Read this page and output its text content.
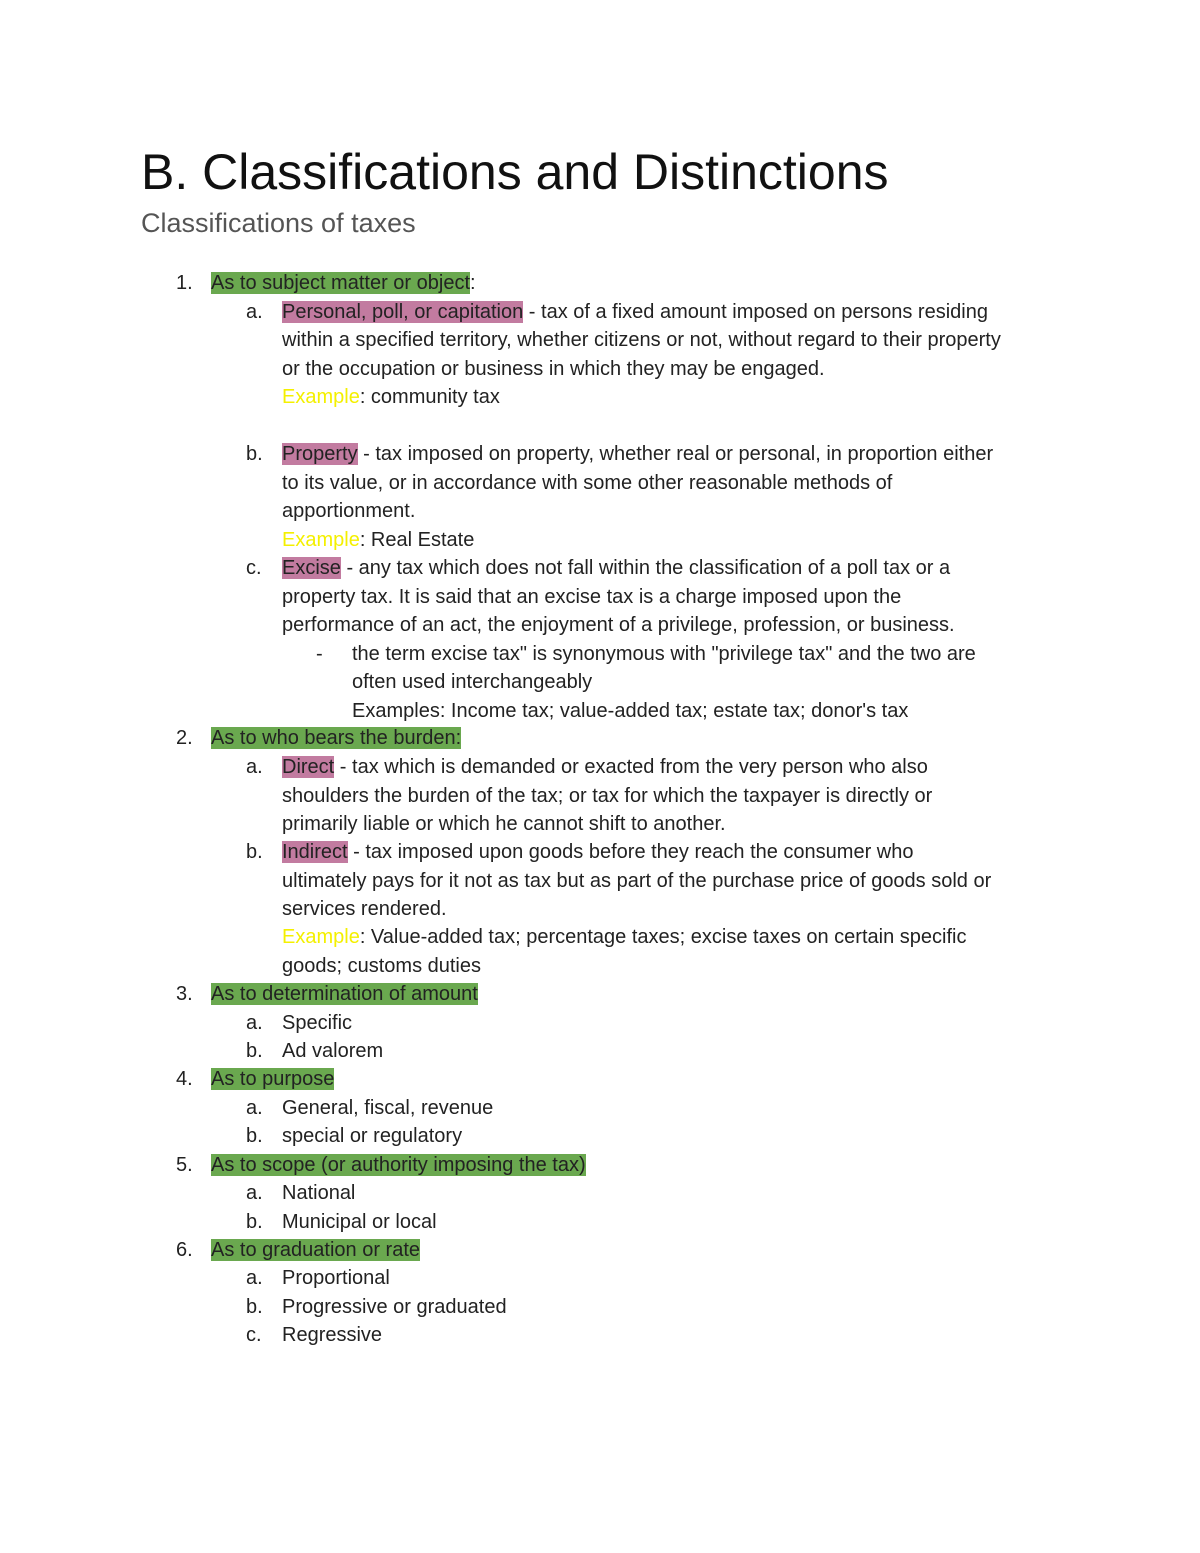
B. Classifications and Distinctions
Classifications of taxes
1. As to subject matter or object:
a. Personal, poll, or capitation - tax of a fixed amount imposed on persons residing
within a specified territory, whether citizens or not, without regard to their property
or the occupation or business in which they may be engaged.
Example: community tax
b. Property - tax imposed on property, whether real or personal, in proportion either
to its value, or in accordance with some other reasonable methods of
apportionment.
Example: Real Estate
c. Excise - any tax which does not fall within the classification of a poll tax or a
property tax. It is said that an excise tax is a charge imposed upon the
performance of an act, the enjoyment of a privilege, profession, or business.
- the term excise tax" is synonymous with "privilege tax" and the two are
often used interchangeably
Examples: Income tax; value-added tax; estate tax; donor's tax
2. As to who bears the burden:
a. Direct - tax which is demanded or exacted from the very person who also
shoulders the burden of the tax; or tax for which the taxpayer is directly or
primarily liable or which he cannot shift to another.
b. Indirect - tax imposed upon goods before they reach the consumer who
ultimately pays for it not as tax but as part of the purchase price of goods sold or
services rendered.
Example: Value-added tax; percentage taxes; excise taxes on certain specific
goods; customs duties
3. As to determination of amount
a. Specific
b. Ad valorem
4. As to purpose
a. General, fiscal, revenue
b. special or regulatory
5. As to scope (or authority imposing the tax)
a. National
b. Municipal or local
6. As to graduation or rate
a. Proportional
b. Progressive or graduated
c. Regressive
